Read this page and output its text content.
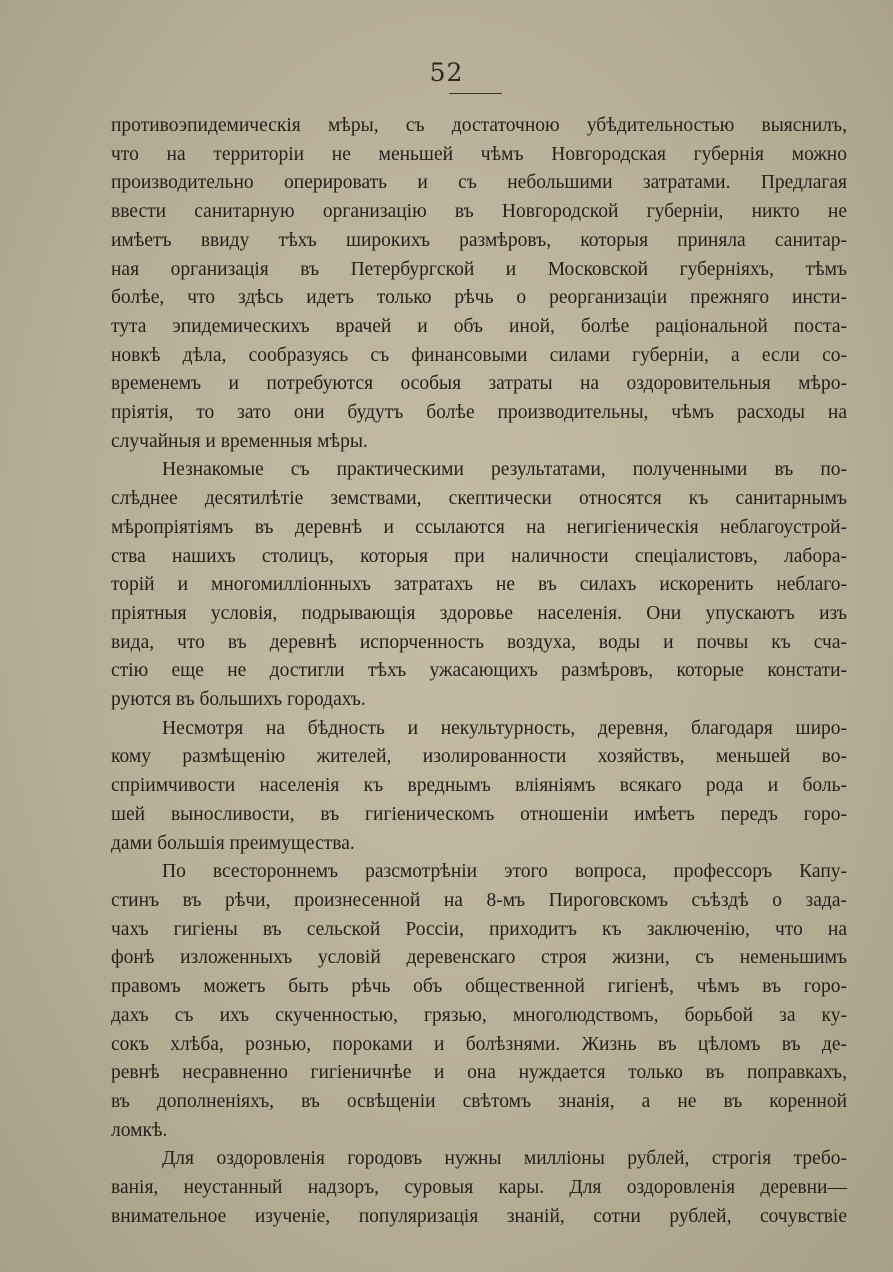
52

противоэпидемическія мѣры, съ достаточною убѣдительностью выяснилъ,

что на территоріи не меньшей чѣмъ Новгородская губернія можно

производительно оперировать и съ небольшими затратами. Предлагая

ввести санитарную организацію въ Новгородской губерніи, никто не

имѣетъ ввиду тѣхъ широкихъ размѣровъ, которыя приняла санитар-

ная организація въ Петербургской и Московской губерніяхъ, тѣмъ

болѣе, что здѣсь идетъ только рѣчь о реорганизаціи прежняго инсти-

тута эпидемическихъ врачей и объ иной, болѣе раціональной поста-

новкѣ дѣла, сообразуясь съ финансовыми силами губерніи, а если со-

временемъ и потребуются особыя затраты на оздоровительныя мѣро-

пріятія, то зато они будутъ болѣе производительны, чѣмъ расходы на

случайныя и временныя мѣры.

Незнакомые съ практическими результатами, полученными въ по-

слѣднее десятилѣтіе земствами, скептически относятся къ санитарнымъ

мѣропріятіямъ въ деревнѣ и ссылаются на негигіеническія неблагоустрой-

ства нашихъ столицъ, которыя при наличности спеціалистовъ, лабора-

торій и многомилліонныхъ затратахъ не въ силахъ искоренить неблаго-

пріятныя условія, подрывающія здоровье населенія. Они упускаютъ изъ

вида, что въ деревнѣ испорченность воздуха, воды и почвы къ сча-

стію еще не достигли тѣхъ ужасающихъ размѣровъ, которые констати-

руются въ большихъ городахъ.

Несмотря на бѣдность и некультурность, деревня, благодаря широ-

кому размѣщенію жителей, изолированности хозяйствъ, меньшей во-

спріимчивости населенія къ вреднымъ вліяніямъ всякаго рода и боль-

шей выносливости, въ гигіеническомъ отношеніи имѣетъ передъ горо-

дами большія преимущества.

По всестороннемъ разсмотрѣніи этого вопроса, профессоръ Капу-

стинъ въ рѣчи, произнесенной на 8-мъ Пироговскомъ съѣздѣ о зада-

чахъ гигіены въ сельской Россіи, приходитъ къ заключенію, что на

фонѣ изложенныхъ условій деревенскаго строя жизни, съ неменьшимъ

правомъ можетъ быть рѣчь объ общественной гигіенѣ, чѣмъ въ горо-

дахъ съ ихъ скученностью, грязью, многолюдствомъ, борьбой за ку-

сокъ хлѣба, рознью, пороками и болѣзнями. Жизнь въ цѣломъ въ де-

ревнѣ несравненно гигіеничнѣе и она нуждается только въ поправкахъ,

въ дополненіяхъ, въ освѣщеніи свѣтомъ знанія, а не въ коренной

ломкѣ.

Для оздоровленія городовъ нужны милліоны рублей, строгія требо-

ванія, неустанный надзоръ, суровыя кары. Для оздоровленія деревни—

внимательное изученіе, популяризація знаній, сотни рублей, сочувствіе
